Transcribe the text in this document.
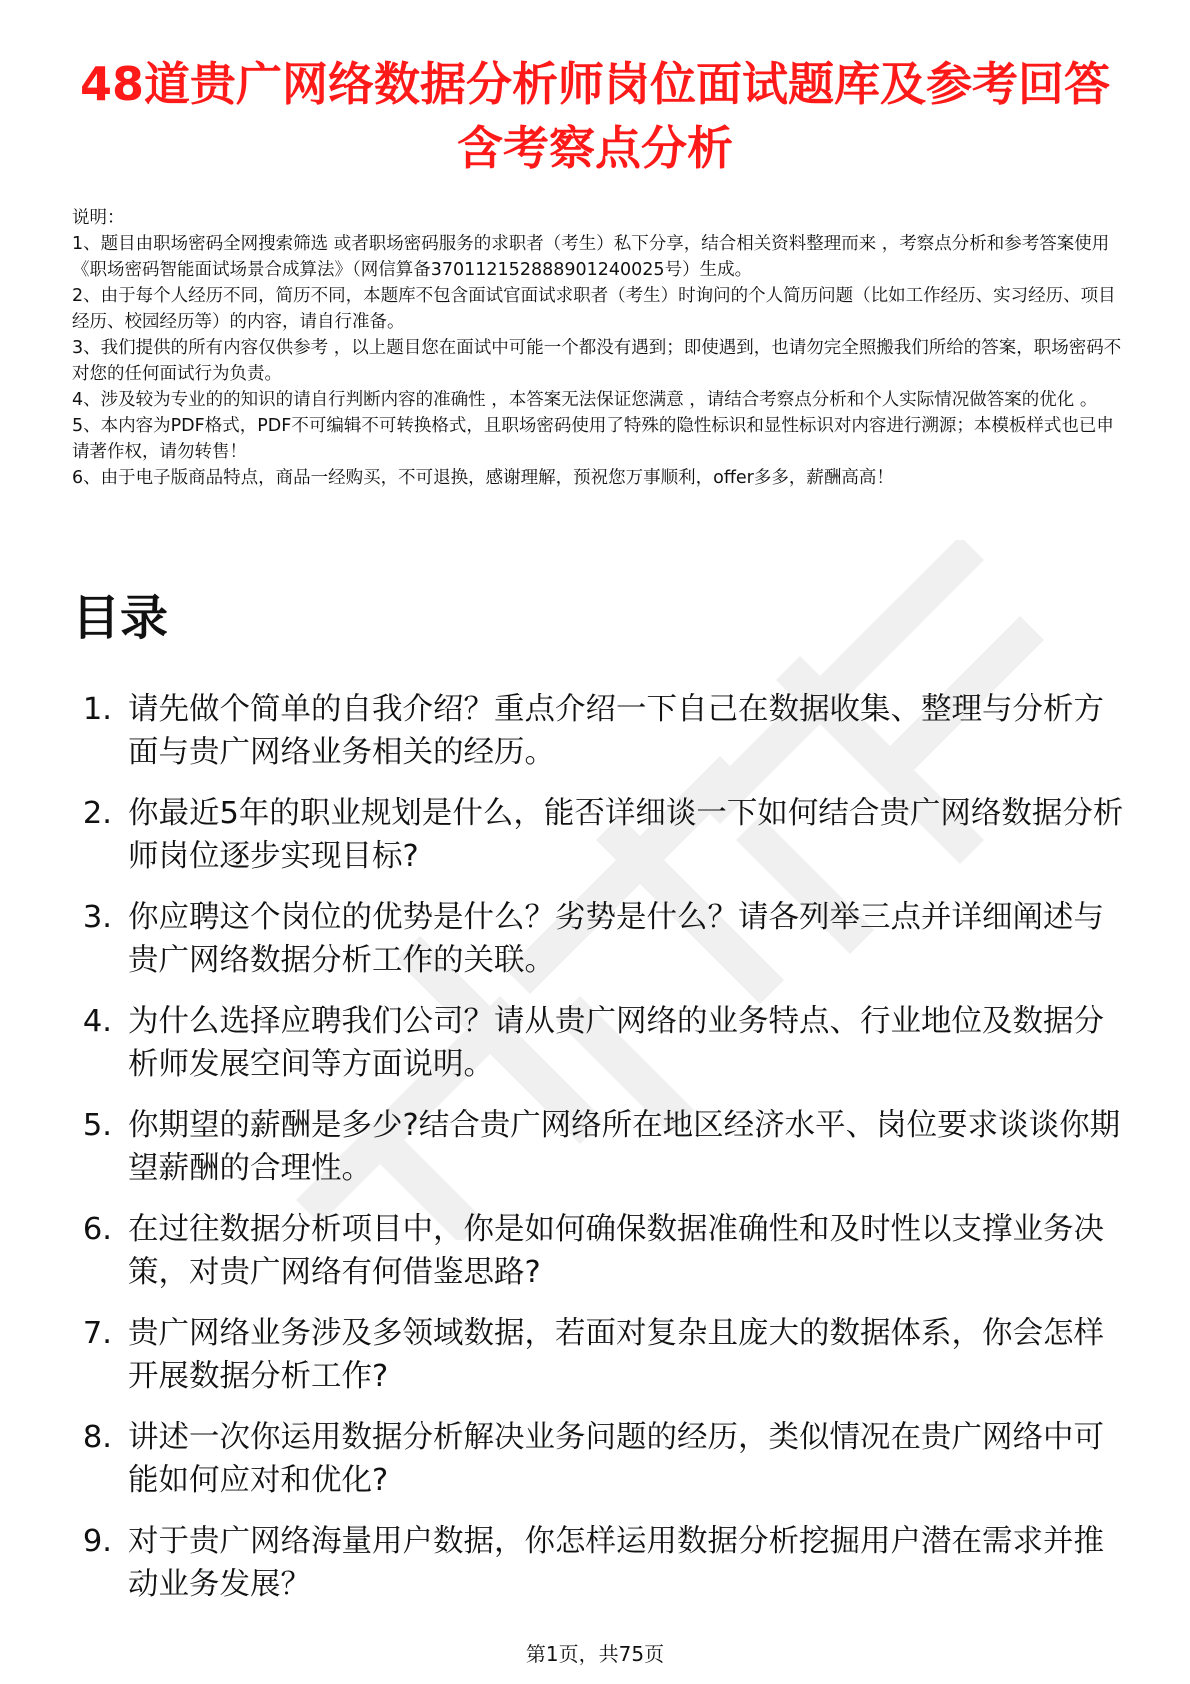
48道贵广网络数据分析师岗位面试题库及参考回答含考察点分析

说明：

1、题目由职场密码全网搜索筛选 或者职场密码服务的求职者（考生）私下分享，结合相关资料整理而来 ，考察点分析和参考答案使用《职场密码智能面试场景合成算法》（网信算备370112152888901240025号）生成。

2、由于每个人经历不同，简历不同，本题库不包含面试官面试求职者（考生）时询问的个人简历问题（比如工作经历、实习经历、项目经历、校园经历等）的内容，请自行准备。

3、我们提供的所有内容仅供参考 ，以上题目您在面试中可能一个都没有遇到；即使遇到，也请勿完全照搬我们所给的答案，职场密码不对您的任何面试行为负责。

4、涉及较为专业的的知识的请自行判断内容的准确性 ，本答案无法保证您满意 ，请结合考察点分析和个人实际情况做答案的优化 。

5、本内容为PDF格式，PDF不可编辑不可转换格式，且职场密码使用了特殊的隐性标识和显性标识对内容进行溯源；本模板样式也已申请著作权，请勿转售！

6、由于电子版商品特点，商品一经购买，不可退换，感谢理解，预祝您万事顺利，offer多多，薪酬高高！

目录
1. 请先做个简单的自我介绍？重点介绍一下自己在数据收集、整理与分析方面与贵广网络业务相关的经历。
2. 你最近5年的职业规划是什么，能否详细谈一下如何结合贵广网络数据分析师岗位逐步实现目标?
3. 你应聘这个岗位的优势是什么？劣势是什么？请各列举三点并详细阐述与贵广网络数据分析工作的关联。
4. 为什么选择应聘我们公司？请从贵广网络的业务特点、行业地位及数据分析师发展空间等方面说明。
5. 你期望的薪酬是多少?结合贵广网络所在地区经济水平、岗位要求谈谈你期望薪酬的合理性。
6. 在过往数据分析项目中，你是如何确保数据准确性和及时性以支撑业务决策，对贵广网络有何借鉴思路?
7. 贵广网络业务涉及多领域数据，若面对复杂且庞大的数据体系，你会怎样开展数据分析工作?
8. 讲述一次你运用数据分析解决业务问题的经历，类似情况在贵广网络中可能如何应对和优化?
9. 对于贵广网络海量用户数据，你怎样运用数据分析挖掘用户潜在需求并推动业务发展？
第1页，共75页
